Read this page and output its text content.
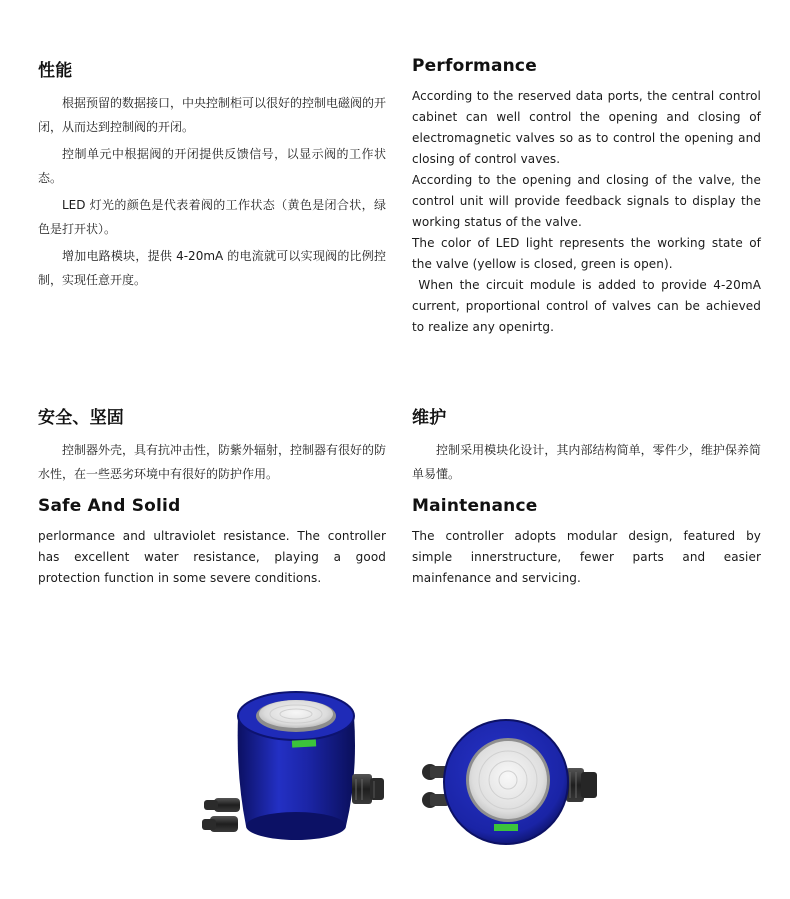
性能

根据预留的数据接口，中央控制柜可以很好的控制电磁阀的开闭，从而达到控制阀的开闭。

控制单元中根据阀的开闭提供反馈信号，以显示阀的工作状态。

LED 灯光的颜色是代表着阀的工作状态（黄色是闭合状，绿色是打开状）。

增加电路模块，提供 4-20mA 的电流就可以实现阀的比例控制，实现任意开度。

Performance

According to the reserved data ports, the central control cabinet can well control the opening and closing of electromagnetic valves so as to control the opening and closing of control vaves.

According to the opening and closing of the valve, the control unit will provide feedback signals to display the working status of the valve.

The color of LED light represents the working state of the valve (yellow is closed, green is open).

When the circuit module is added to provide 4-20mA current, proportional control of valves can be achieved to realize any openirtg.

安全、坚固

控制器外壳，具有抗冲击性，防紫外辐射，控制器有很好的防水性，在一些恶劣环境中有很好的防护作用。

维护

控制采用模块化设计，其内部结构简单，零件少，维护保养简单易懂。

Safe And Solid

perlormance and ultraviolet resistance. The controller has excellent water resistance, playing a good protection function in some severe conditions.

Maintenance

The controller adopts modular design, featured by simple innerstructure, fewer parts and easier mainfenance and servicing.
